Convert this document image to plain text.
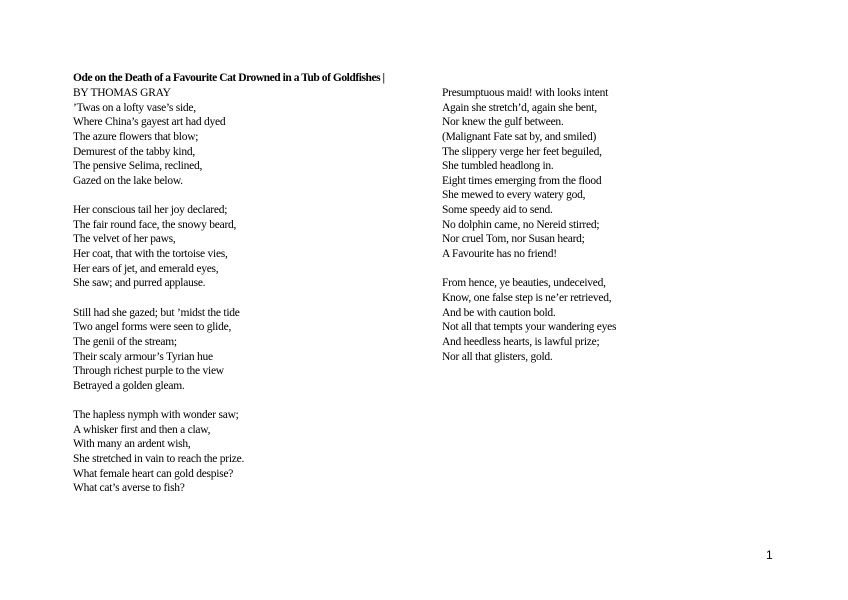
Ode on the Death of a Favourite Cat Drowned in a Tub of Goldfishes |
BY THOMAS GRAY
’Twas on a lofty vase’s side,
Where China’s gayest art had dyed
The azure flowers that blow;
Demurest of the tabby kind,
The pensive Selima, reclined,
Gazed on the lake below.
Her conscious tail her joy declared;
The fair round face, the snowy beard,
The velvet of her paws,
Her coat, that with the tortoise vies,
Her ears of jet, and emerald eyes,
She saw; and purred applause.
Still had she gazed; but ’midst the tide
Two angel forms were seen to glide,
The genii of the stream;
Their scaly armour’s Tyrian hue
Through richest purple to the view
Betrayed a golden gleam.
The hapless nymph with wonder saw;
A whisker first and then a claw,
With many an ardent wish,
She stretched in vain to reach the prize.
What female heart can gold despise?
What cat’s averse to fish?
Presumptuous maid! with looks intent
Again she stretch’d, again she bent,
Nor knew the gulf between.
(Malignant Fate sat by, and smiled)
The slippery verge her feet beguiled,
She tumbled headlong in.
Eight times emerging from the flood
She mewed to every watery god,
Some speedy aid to send.
No dolphin came, no Nereid stirred;
Nor cruel Tom, nor Susan heard;
A Favourite has no friend!
From hence, ye beauties, undeceived,
Know, one false step is ne’er retrieved,
And be with caution bold.
Not all that tempts your wandering eyes
And heedless hearts, is lawful prize;
Nor all that glisters, gold.
1
